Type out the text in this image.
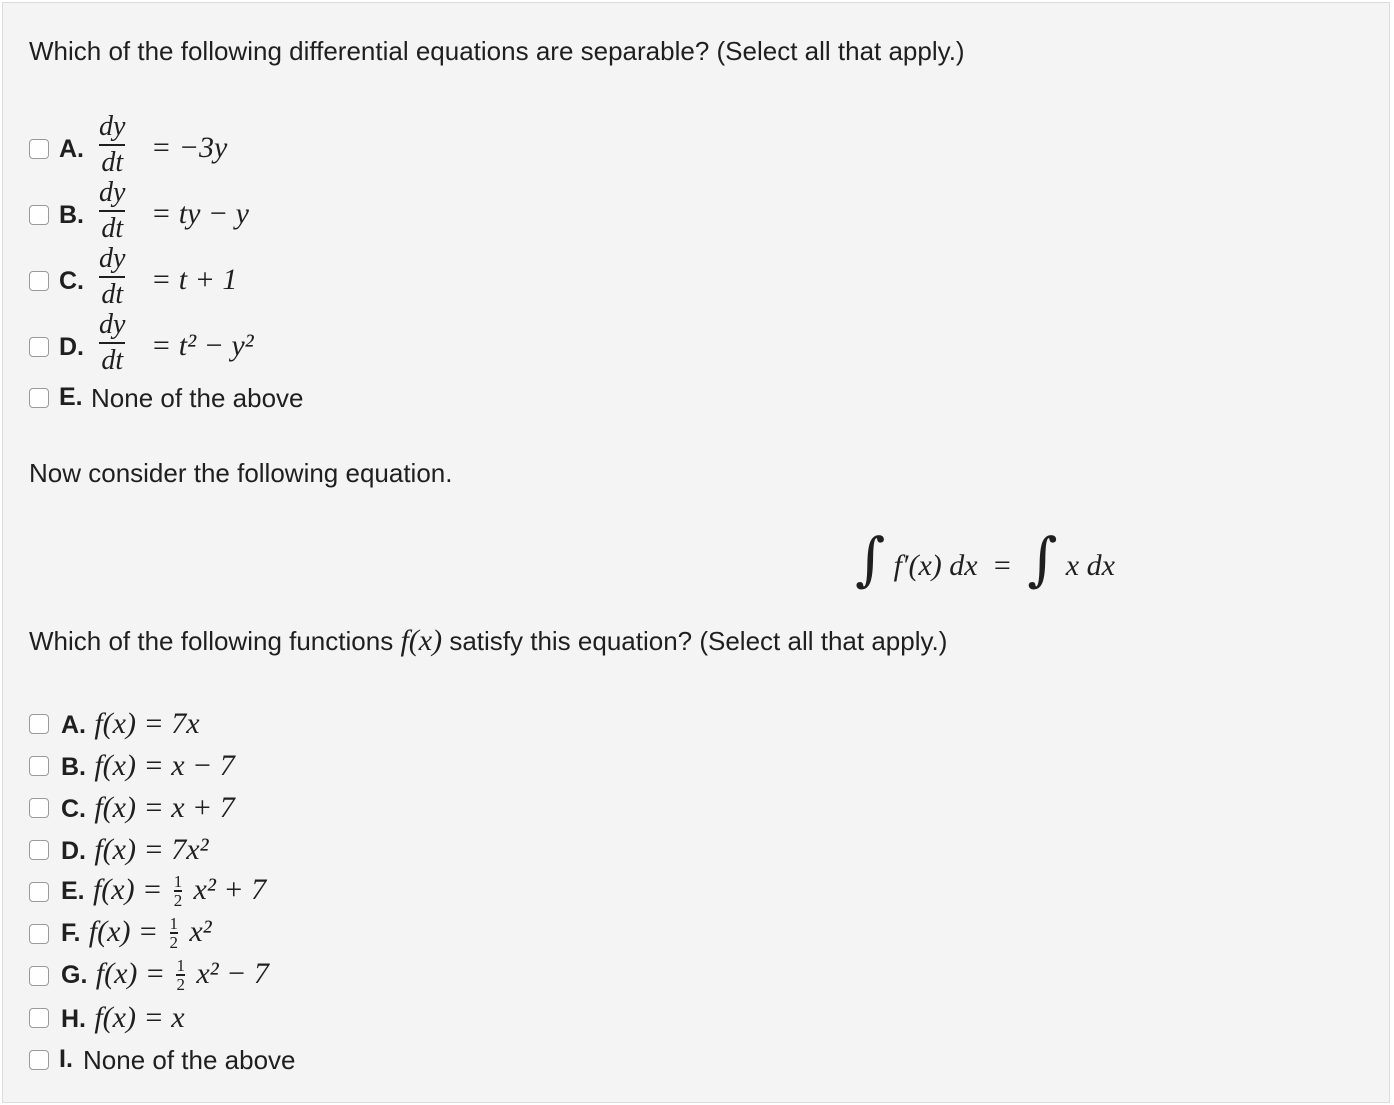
Which of the following differential equations are separable? (Select all that apply.)
A.
dy
dt = −3y
B.
dy
dt = ty − y
C.
dy
dt = t + 1
D.
dy
dt = t² − y²
E. None of the above
Now consider the following equation.
∫ f′(x) dx = ∫ x dx
Which of the following functions f(x) satisfy this equation? (Select all that apply.)
A. f(x) = 7x
B. f(x) = x − 7
C. f(x) = x + 7
D. f(x) = 7x²
E. $f(x) = \frac{1}{2} x^2 + 7$
F. $f(x) = \frac{1}{2} x^2$
G. $f(x) = \frac{1}{2} x^2 - 7$
H. f(x) = x
I. None of the above
